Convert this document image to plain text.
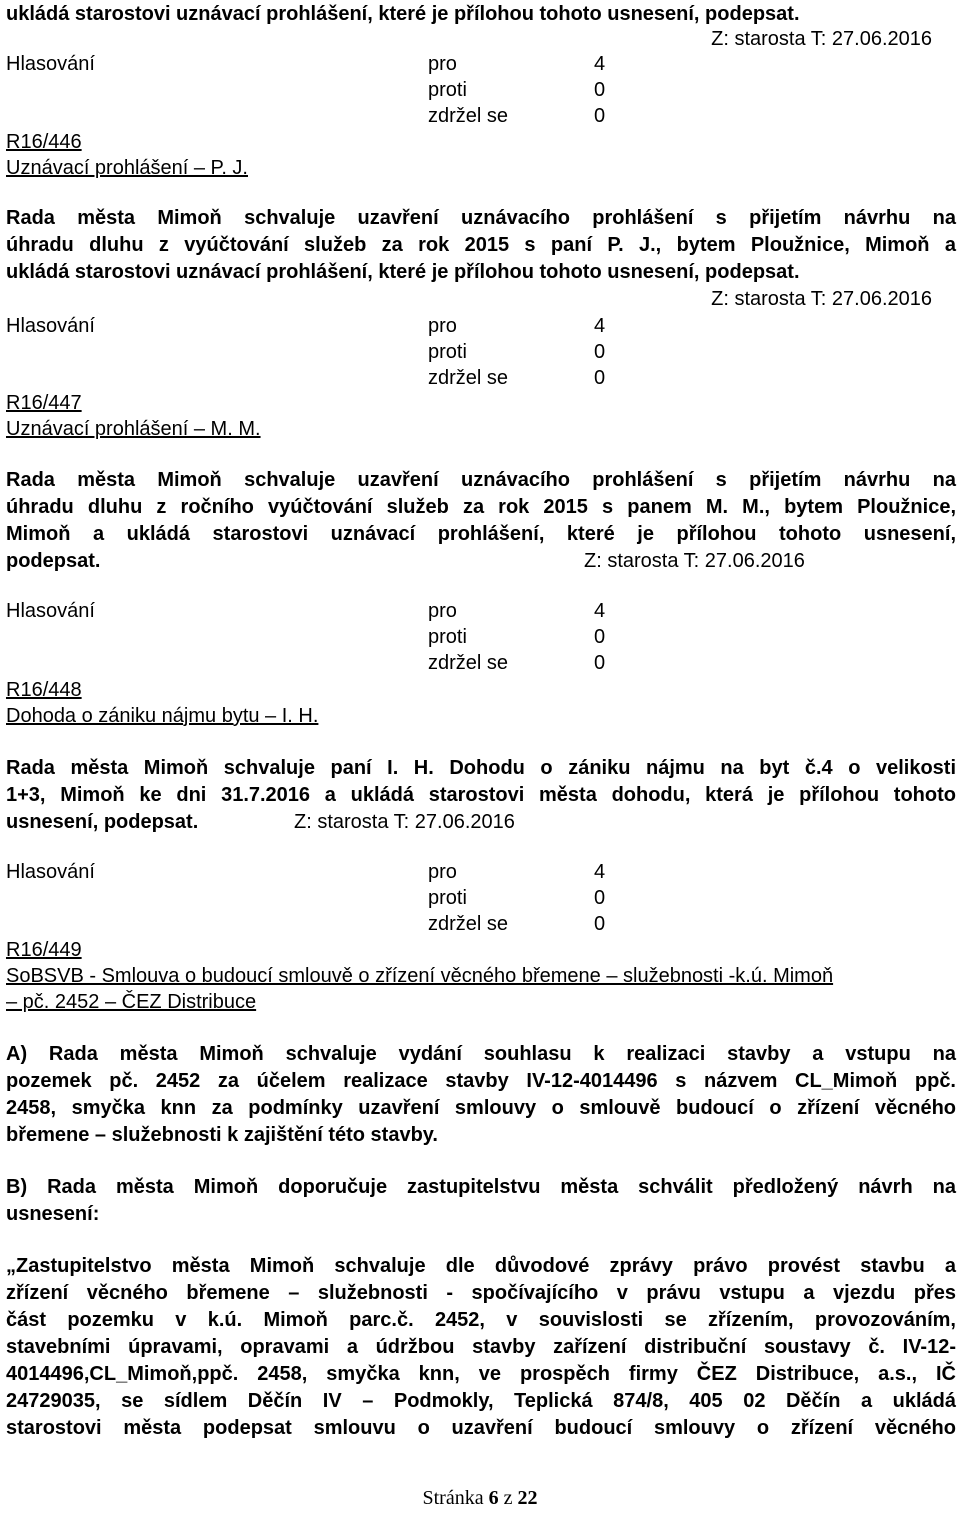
ukládá starostovi uznávací prohlášení, které je přílohou tohoto usnesení, podepsat.
Z: starosta T: 27.06.2016
Hlasování	pro	4
proti	0
zdržel se	0
R16/446
Uznávací prohlášení – P. J.
Rada města Mimoň schvaluje uzavření uznávacího prohlášení s přijetím návrhu na
úhradu dluhu z vyúčtování služeb za rok 2015 s paní P. J., bytem Ploužnice, Mimoň a
ukládá starostovi uznávací prohlášení, které je přílohou tohoto usnesení, podepsat.
Z: starosta T: 27.06.2016
Hlasování	pro	4
proti	0
zdržel se	0
R16/447
Uznávací prohlášení – M. M.
Rada města Mimoň schvaluje uzavření uznávacího prohlášení s přijetím návrhu na
úhradu dluhu z ročního vyúčtování služeb za rok 2015 s panem M. M., bytem Ploužnice,
Mimoň a ukládá starostovi uznávací prohlášení, které je přílohou tohoto usnesení,
podepsat.	Z: starosta T: 27.06.2016
Hlasování	pro	4
proti	0
zdržel se	0
R16/448
Dohoda o zániku nájmu bytu – I. H.
Rada města Mimoň schvaluje paní I. H. Dohodu o zániku nájmu na byt č.4 o velikosti
1+3, Mimoň ke dni 31.7.2016 a ukládá starostovi města dohodu, která je přílohou tohoto
usnesení, podepsat.	Z: starosta T: 27.06.2016
Hlasování	pro	4
proti	0
zdržel se	0
R16/449
SoBSVB - Smlouva o budoucí smlouvě o zřízení věcného břemene – služebnosti -k.ú. Mimoň
– pč. 2452 – ČEZ Distribuce
A) Rada města Mimoň schvaluje vydání souhlasu k realizaci stavby a vstupu na
pozemek pč. 2452 za účelem realizace stavby IV-12-4014496 s názvem CL_Mimoň ppč.
2458, smyčka knn za podmínky uzavření smlouvy o smlouvě budoucí o zřízení věcného
břemene – služebnosti k zajištění této stavby.
B) Rada města Mimoň doporučuje zastupitelstvu města schválit předložený návrh na
usnesení:
„Zastupitelstvo města Mimoň schvaluje dle důvodové zprávy právo provést stavbu a
zřízení věcného břemene – služebnosti - spočívajícího v právu vstupu a vjezdu přes
část pozemku v k.ú. Mimoň parc.č. 2452, v souvislosti se zřízením, provozováním,
stavebními úpravami, opravami a údržbou stavby zařízení distribuční soustavy č. IV-12-
4014496,CL_Mimoň,ppč. 2458, smyčka knn, ve prospěch firmy ČEZ Distribuce, a.s., IČ
24729035, se sídlem Děčín IV – Podmokly, Teplická 874/8, 405 02 Děčín a ukládá
starostovi města podepsat smlouvu o uzavření budoucí smlouvy o zřízení věcného
Stránka 6 z 22
